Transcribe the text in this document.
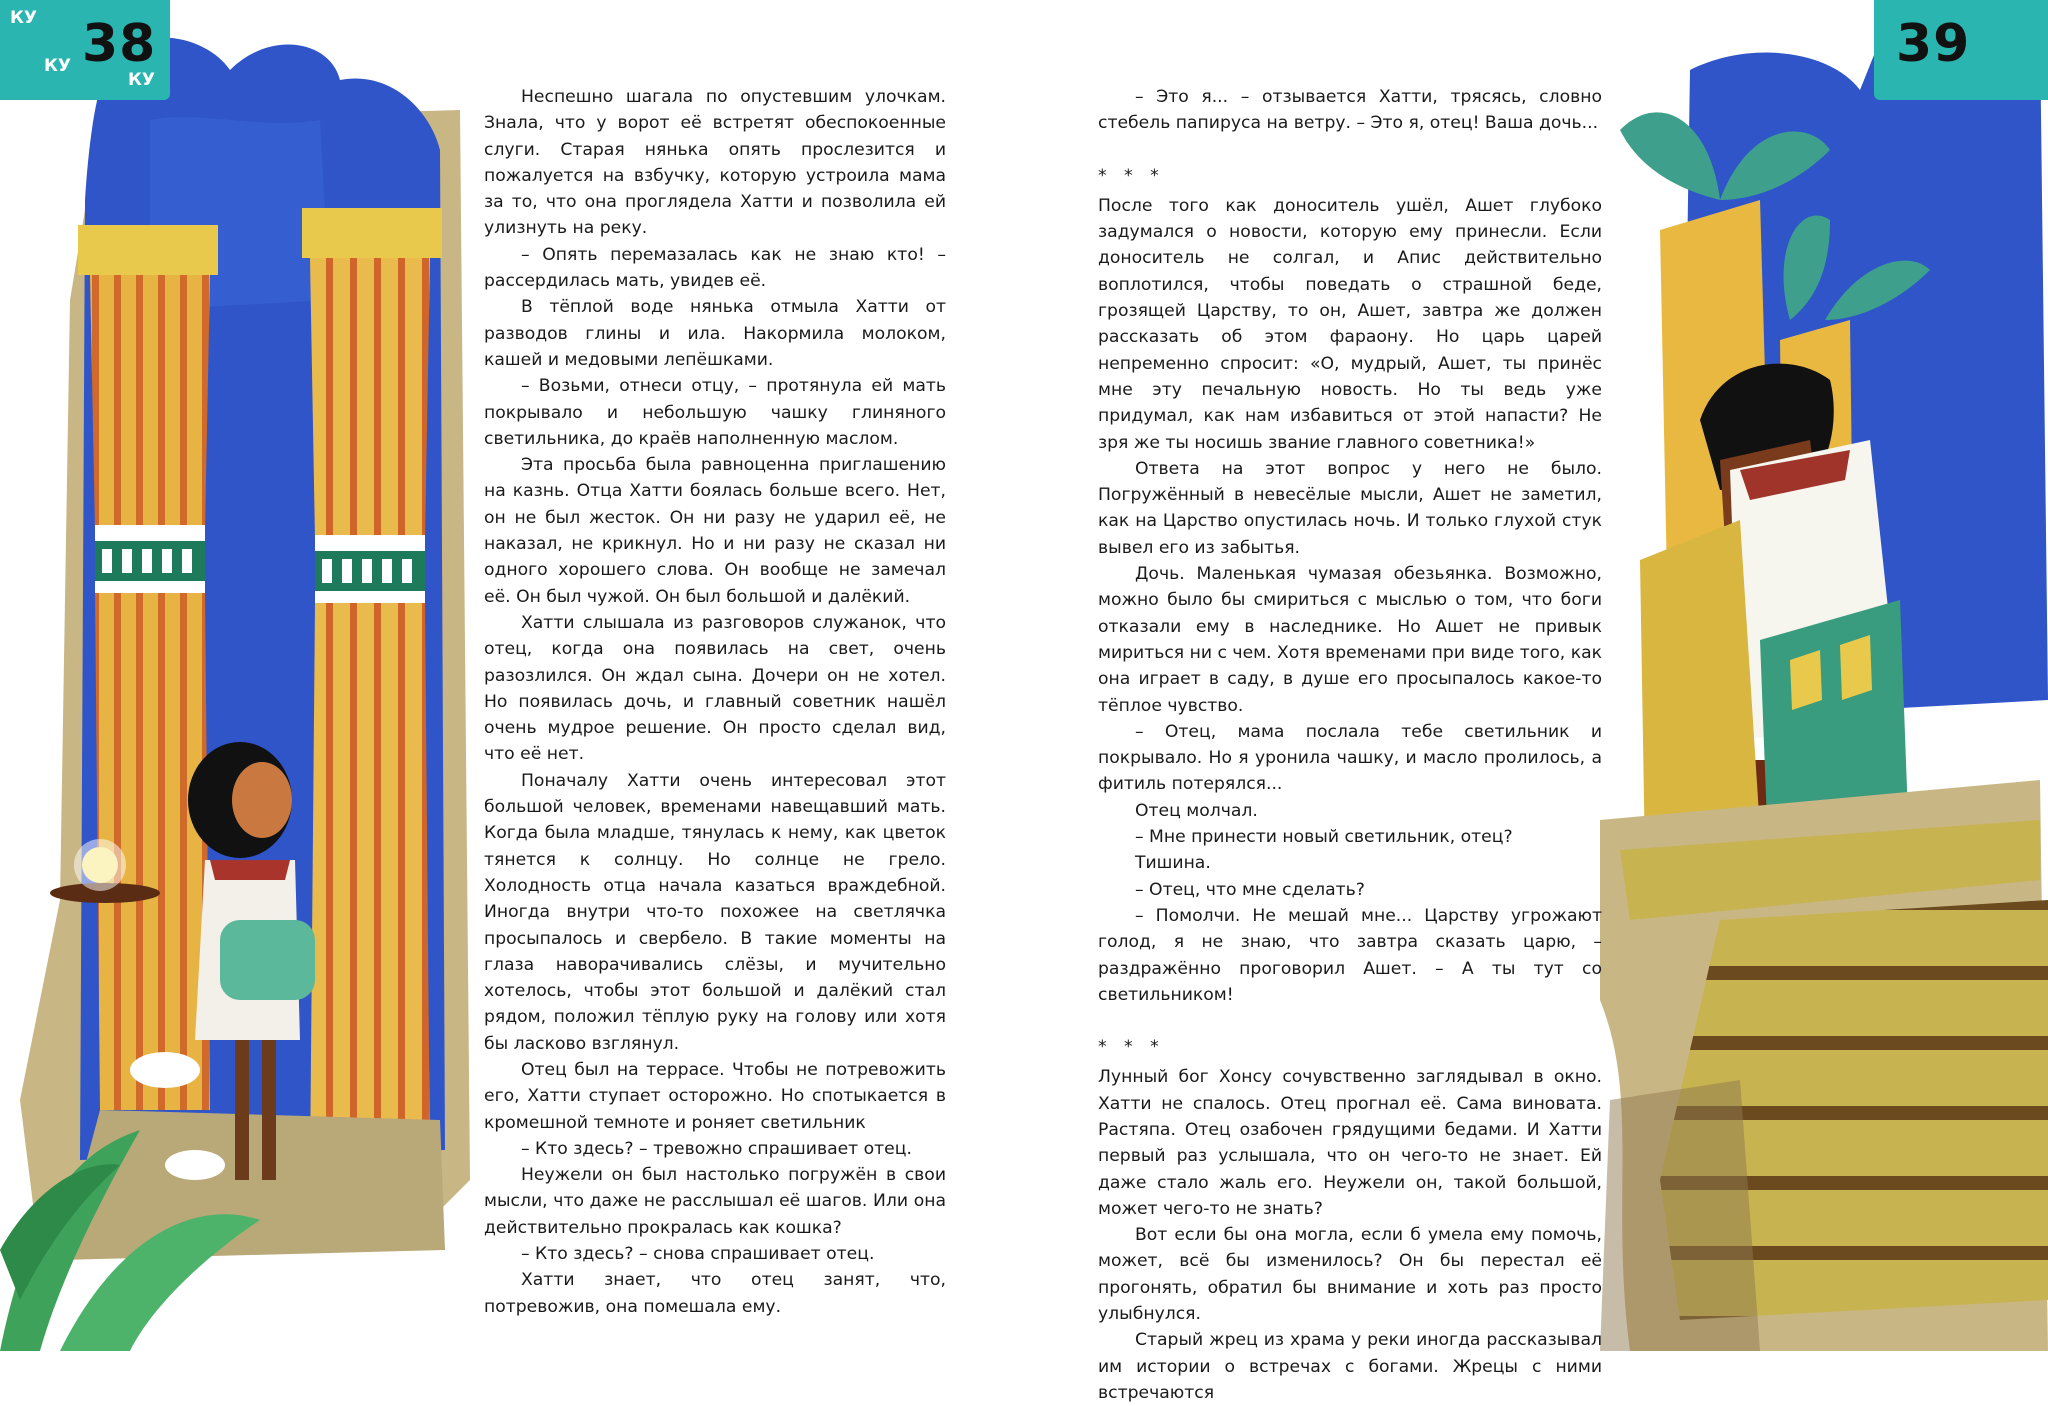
КУ
КУ
КУ
38	39

Неспешно шагала по опустевшим улочкам. Знала, что у ворот её встретят обеспокоенные слуги. Старая нянька опять прослезится и пожалуется на взбучку, которую устроила мама за то, что она проглядела Хатти и позволила ей улизнуть на реку.

– Опять перемазалась как не знаю кто! – рассердилась мать, увидев её.

В тёплой воде нянька отмыла Хатти от разводов глины и ила. Накормила молоком, кашей и медовыми лепёшками.

– Возьми, отнеси отцу, – протянула ей мать покрывало и небольшую чашку глиняного светильника, до краёв наполненную маслом.

Эта просьба была равноценна приглашению на казнь. Отца Хатти боялась больше всего. Нет, он не был жесток. Он ни разу не ударил её, не наказал, не крикнул. Но и ни разу не сказал ни одного хорошего слова. Он вообще не замечал её. Он был чужой. Он был большой и далёкий.

Хатти слышала из разговоров служанок, что отец, когда она появилась на свет, очень разозлился. Он ждал сына. Дочери он не хотел. Но появилась дочь, и главный советник нашёл очень мудрое решение. Он просто сделал вид, что её нет.

Поначалу Хатти очень интересовал этот большой человек, временами навещавший мать. Когда была младше, тянулась к нему, как цветок тянется к солнцу. Но солнце не грело. Холодность отца начала казаться враждебной. Иногда внутри что-то похожее на светлячка просыпалось и свербело. В такие моменты на глаза наворачивались слёзы, и мучительно хотелось, чтобы этот большой и далёкий стал рядом, положил тёплую руку на голову или хотя бы ласково взглянул.

Отец был на террасе. Чтобы не потревожить его, Хатти ступает осторожно. Но спотыкается в кромешной темноте и роняет светильник

– Кто здесь? – тревожно спрашивает отец.

Неужели он был настолько погружён в свои мысли, что даже не расслышал её шагов. Или она действительно прокралась как кошка?

– Кто здесь? – снова спрашивает отец.

Хатти знает, что отец занят, что, потревожив, она помешала ему.

– Это я... – отзывается Хатти, трясясь, словно стебель папируса на ветру. – Это я, отец! Ваша дочь...

* * *

После того как доноситель ушёл, Ашет глубоко задумался о новости, которую ему принесли. Если доноситель не солгал, и Апис действительно воплотился, чтобы поведать о страшной беде, грозящей Царству, то он, Ашет, завтра же должен рассказать об этом фараону. Но царь царей непременно спросит: «О, мудрый, Ашет, ты принёс мне эту печальную новость. Но ты ведь уже придумал, как нам избавиться от этой напасти? Не зря же ты носишь звание главного советника!»

Ответа на этот вопрос у него не было. Погружённый в невесёлые мысли, Ашет не заметил, как на Царство опустилась ночь. И только глухой стук вывел его из забытья.

Дочь. Маленькая чумазая обезьянка. Возможно, можно было бы смириться с мыслью о том, что боги отказали ему в наследнике. Но Ашет не привык мириться ни с чем. Хотя временами при виде того, как она играет в саду, в душе его просыпалось какое-то тёплое чувство.

– Отец, мама послала тебе светильник и покрывало. Но я уронила чашку, и масло пролилось, а фитиль потерялся...

Отец молчал.

– Мне принести новый светильник, отец?

Тишина.

– Отец, что мне сделать?

– Помолчи. Не мешай мне... Царству угрожают голод, я не знаю, что завтра сказать царю, – раздражённо проговорил Ашет. – А ты тут со светильником!

* * *

Лунный бог Хонсу сочувственно заглядывал в окно. Хатти не спалось. Отец прогнал её. Сама виновата. Растяпа. Отец озабочен грядущими бедами. И Хатти первый раз услышала, что он чего-то не знает. Ей даже стало жаль его. Неужели он, такой большой, может чего-то не знать?

Вот если бы она могла, если б умела ему помочь, может, всё бы изменилось? Он бы перестал её прогонять, обратил бы внимание и хоть раз просто улыбнулся.

Старый жрец из храма у реки иногда рассказывал им истории о встречах с богами. Жрецы с ними встречаются
